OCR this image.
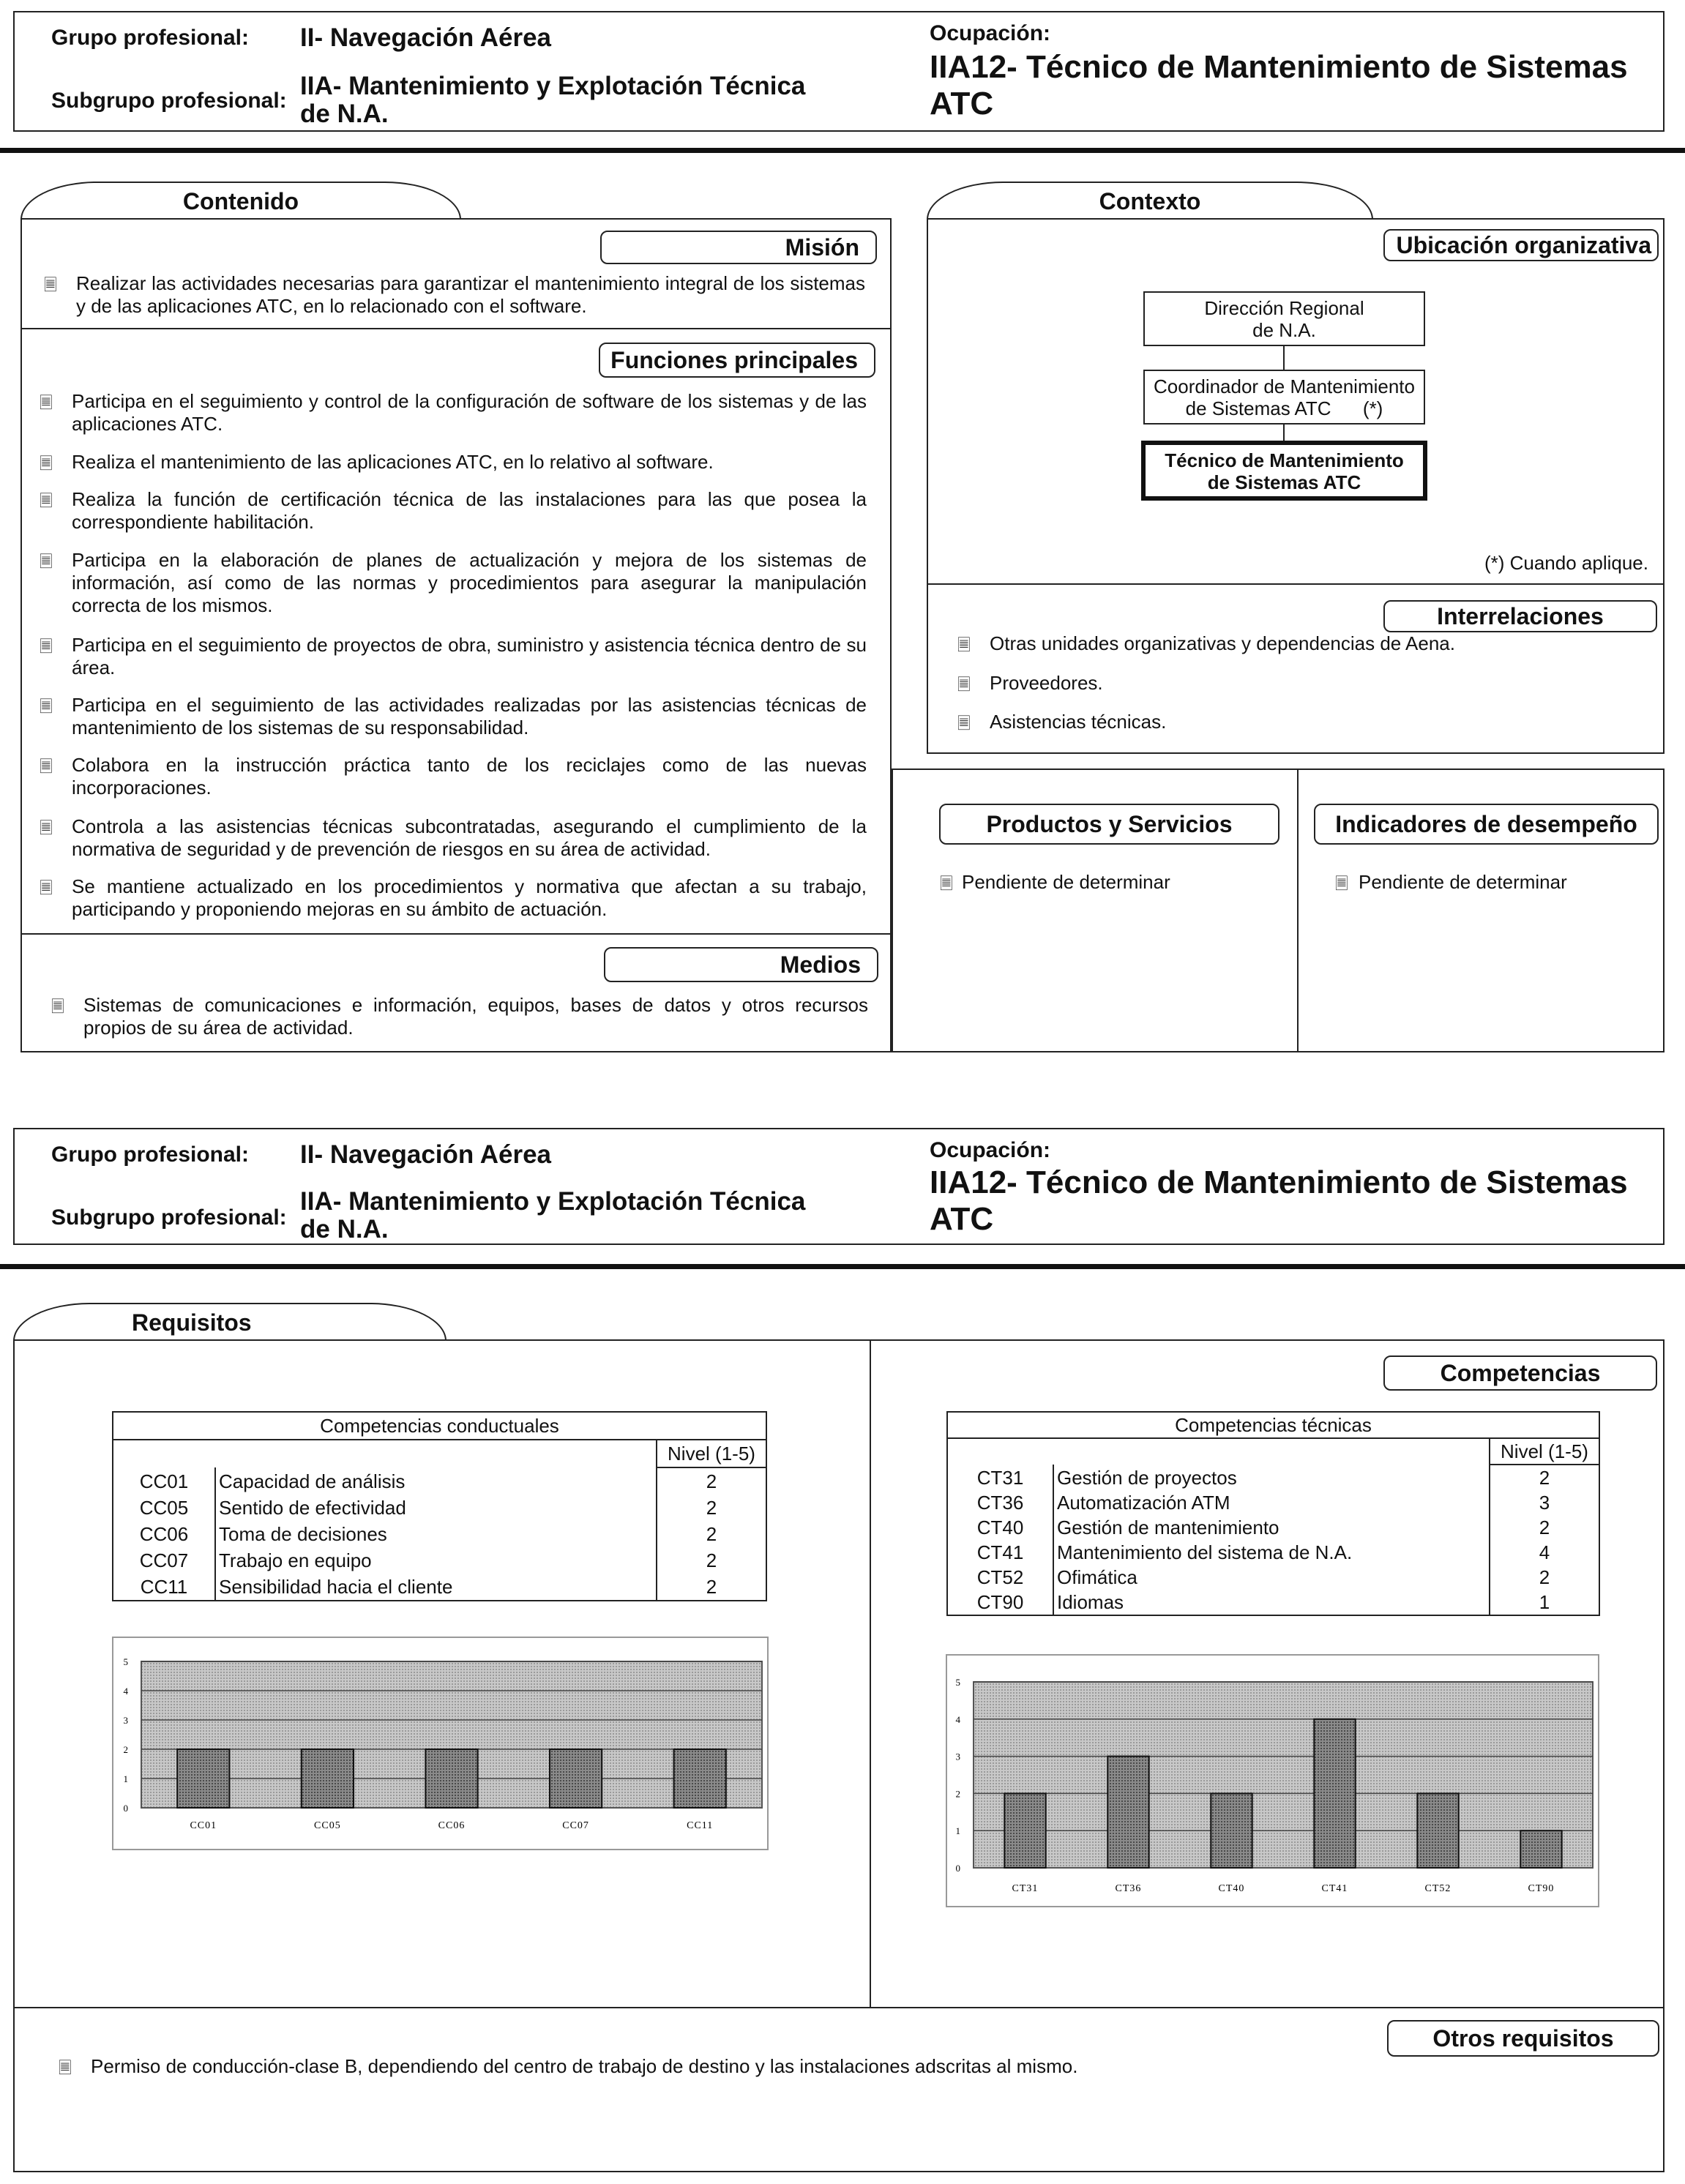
Grupo profesional: II- Navegación Aérea
Subgrupo profesional:
IIA- Mantenimiento y Explotación Técnica
de N.A.
Ocupación:
IIA12- Técnico de Mantenimiento de Sistemas
ATC
Contenido
Misión
🗏 Realizar las actividades necesarias para garantizar el mantenimiento integral de los sistemas y de las aplicaciones ATC, en lo relacionado con el software.
Funciones principales
🗏 Participa en el seguimiento y control de la configuración de software de los sistemas y de las aplicaciones ATC.
🗏 Realiza el mantenimiento de las aplicaciones ATC, en lo relativo al software.
🗏 Realiza la función de certificación técnica de las instalaciones para las que posea la correspondiente habilitación.
🗏 Participa en la elaboración de planes de actualización y mejora de los sistemas de información, así como de las normas y procedimientos para asegurar la manipulación correcta de los mismos.
🗏 Participa en el seguimiento de proyectos de obra, suministro y asistencia técnica dentro de su área.
🗏 Participa en el seguimiento de las actividades realizadas por las asistencias técnicas de mantenimiento de los sistemas de su responsabilidad.
🗏 Colabora en la instrucción práctica tanto de los reciclajes como de las nuevas incorporaciones.
🗏 Controla a las asistencias técnicas subcontratadas, asegurando el cumplimiento de la normativa de seguridad y de prevención de riesgos en su área de actividad.
🗏 Se mantiene actualizado en los procedimientos y normativa que afectan a su trabajo, participando y proponiendo mejoras en su ámbito de actuación.
Medios
🗏 Sistemas de comunicaciones e información, equipos, bases de datos y otros recursos propios de su área de actividad.
Contexto
Ubicación organizativa
Dirección Regional
de N.A.
Coordinador de Mantenimiento
de Sistemas ATC      (*)
Técnico de Mantenimiento
de Sistemas ATC
(*) Cuando aplique.
Interrelaciones
🗏 Otras unidades organizativas y dependencias de Aena.
🗏 Proveedores.
🗏 Asistencias técnicas.
Productos y Servicios
🗏 Pendiente de determinar
Indicadores de desempeño
🗏 Pendiente de determinar
Grupo profesional: II- Navegación Aérea
Subgrupo profesional:
IIA- Mantenimiento y Explotación Técnica
de N.A.
Ocupación:
IIA12- Técnico de Mantenimiento de Sistemas
ATC
Requisitos
Competencias
Competencias conductuales		
		Nivel (1-5)
CC01	Capacidad de análisis	2
CC05	Sentido de efectividad	2
CC06	Toma de decisiones	2
CC07	Trabajo en equipo	2
CC11	Sensibilidad hacia el cliente	2
Competencias técnicas		
		Nivel (1-5)
CT31	Gestión de proyectos	2
CT36	Automatización ATM	3
CT40	Gestión de mantenimiento	2
CT41	Mantenimiento del sistema de N.A.	4
CT52	Ofimática	2
CT90	Idiomas	1
0
1
2
3
4
5
CC01	CC05	CC06	CC07	CC11
0
1
2
3
4
5
CT31	CT36	CT40	CT41	CT52	CT90
Otros requisitos
🗏 Permiso de conducción-clase B, dependiendo del centro de trabajo de destino y las instalaciones adscritas al mismo.
